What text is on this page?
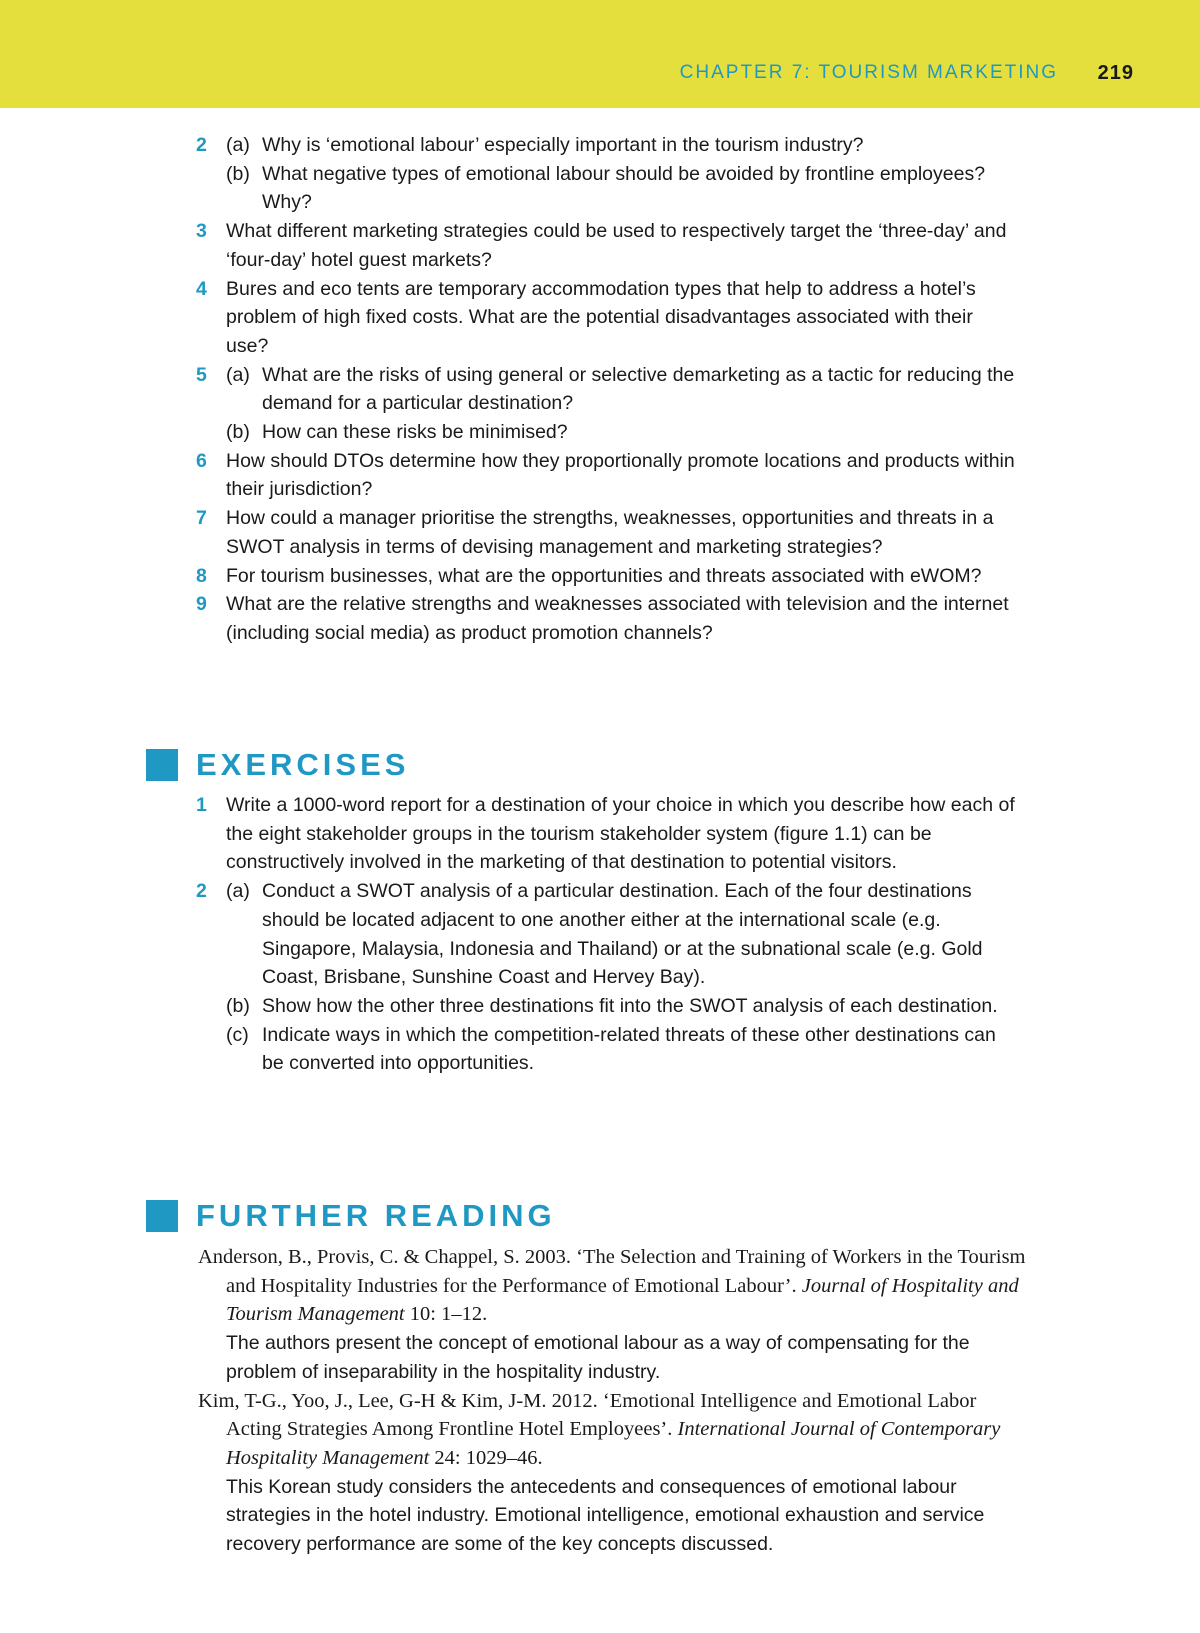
CHAPTER 7: TOURISM MARKETING 219
2 (a) Why is ‘emotional labour’ especially important in the tourism industry?
(b) What negative types of emotional labour should be avoided by frontline employees? Why?
3 What different marketing strategies could be used to respectively target the ‘three-day’ and ‘four-day’ hotel guest markets?
4 Bures and eco tents are temporary accommodation types that help to address a hotel’s problem of high fixed costs. What are the potential disadvantages associated with their use?
5 (a) What are the risks of using general or selective demarketing as a tactic for reducing the demand for a particular destination?
(b) How can these risks be minimised?
6 How should DTOs determine how they proportionally promote locations and products within their jurisdiction?
7 How could a manager prioritise the strengths, weaknesses, opportunities and threats in a SWOT analysis in terms of devising management and marketing strategies?
8 For tourism businesses, what are the opportunities and threats associated with eWOM?
9 What are the relative strengths and weaknesses associated with television and the internet (including social media) as product promotion channels?
EXERCISES
1 Write a 1000-word report for a destination of your choice in which you describe how each of the eight stakeholder groups in the tourism stakeholder system (figure 1.1) can be constructively involved in the marketing of that destination to potential visitors.
2 (a) Conduct a SWOT analysis of a particular destination. Each of the four destinations should be located adjacent to one another either at the international scale (e.g. Singapore, Malaysia, Indonesia and Thailand) or at the subnational scale (e.g. Gold Coast, Brisbane, Sunshine Coast and Hervey Bay).
(b) Show how the other three destinations fit into the SWOT analysis of each destination.
(c) Indicate ways in which the competition-related threats of these other destinations can be converted into opportunities.
FURTHER READING
Anderson, B., Provis, C. & Chappel, S. 2003. ‘The Selection and Training of Workers in the Tourism and Hospitality Industries for the Performance of Emotional Labour’. Journal of Hospitality and Tourism Management 10: 1–12.
The authors present the concept of emotional labour as a way of compensating for the problem of inseparability in the hospitality industry.
Kim, T-G., Yoo, J., Lee, G-H & Kim, J-M. 2012. ‘Emotional Intelligence and Emotional Labor Acting Strategies Among Frontline Hotel Employees’. International Journal of Contemporary Hospitality Management 24: 1029–46.
This Korean study considers the antecedents and consequences of emotional labour strategies in the hotel industry. Emotional intelligence, emotional exhaustion and service recovery performance are some of the key concepts discussed.
